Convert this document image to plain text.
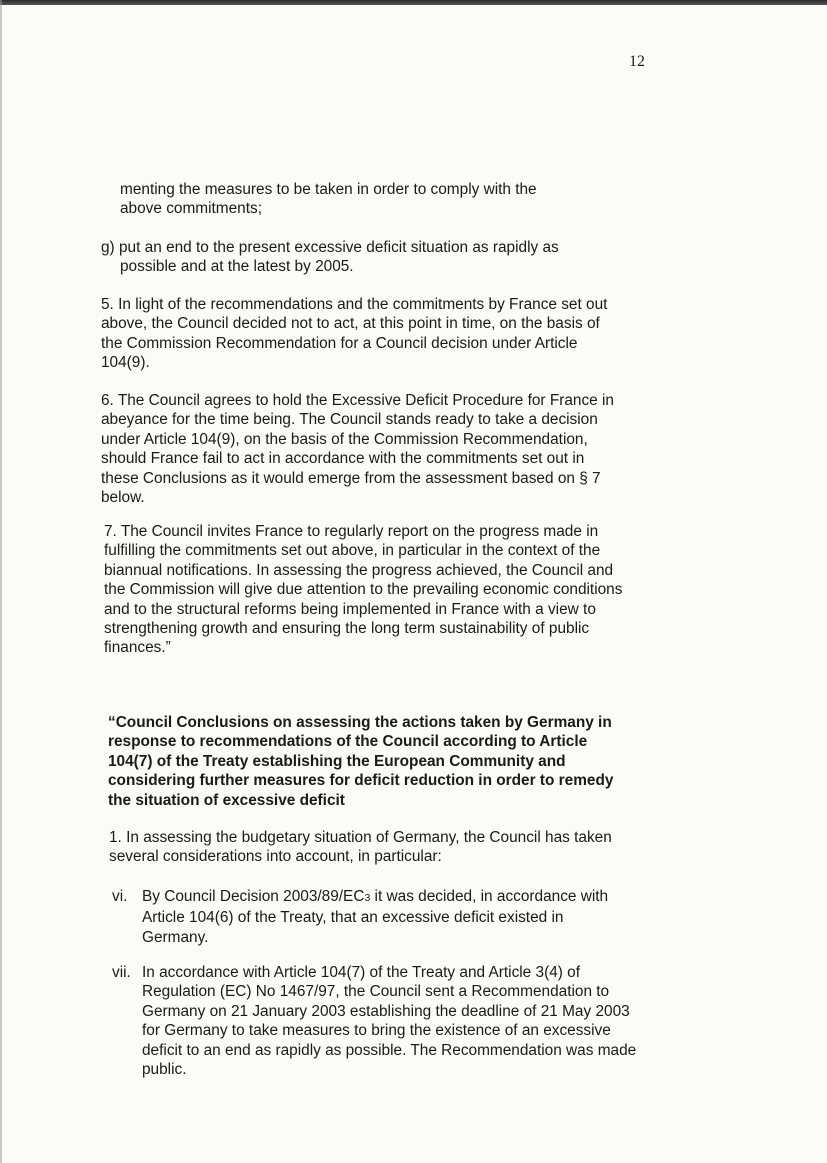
12

menting the measures to be taken in order to comply with the above commitments;

g) put an end to the present excessive deficit situation as rapidly as possible and at the latest by 2005.

5. In light of the recommendations and the commitments by France set out above, the Council decided not to act, at this point in time, on the basis of the Commission Recommendation for a Council decision under Article 104(9).

6. The Council agrees to hold the Excessive Deficit Procedure for France in abeyance for the time being. The Council stands ready to take a decision under Article 104(9), on the basis of the Commission Recommendation, should France fail to act in accordance with the commitments set out in these Conclusions as it would emerge from the assessment based on § 7 below.

7. The Council invites France to regularly report on the progress made in fulfilling the commitments set out above, in particular in the context of the biannual notifications. In assessing the progress achieved, the Council and the Commission will give due attention to the prevailing economic conditions and to the structural reforms being implemented in France with a view to strengthening growth and ensuring the long term sustainability of public finances.”

“Council Conclusions on assessing the actions taken by Germany in response to recommendations of the Council according to Article 104(7) of the Treaty establishing the European Community and considering further measures for deficit reduction in order to remedy the situation of excessive deficit

1. In assessing the budgetary situation of Germany, the Council has taken several considerations into account, in particular:

vi. By Council Decision 2003/89/EC3 it was decided, in accordance with Article 104(6) of the Treaty, that an excessive deficit existed in Germany.

vii. In accordance with Article 104(7) of the Treaty and Article 3(4) of Regulation (EC) No 1467/97, the Council sent a Recommendation to Germany on 21 January 2003 establishing the deadline of 21 May 2003 for Germany to take measures to bring the existence of an excessive deficit to an end as rapidly as possible. The Recommendation was made public.
